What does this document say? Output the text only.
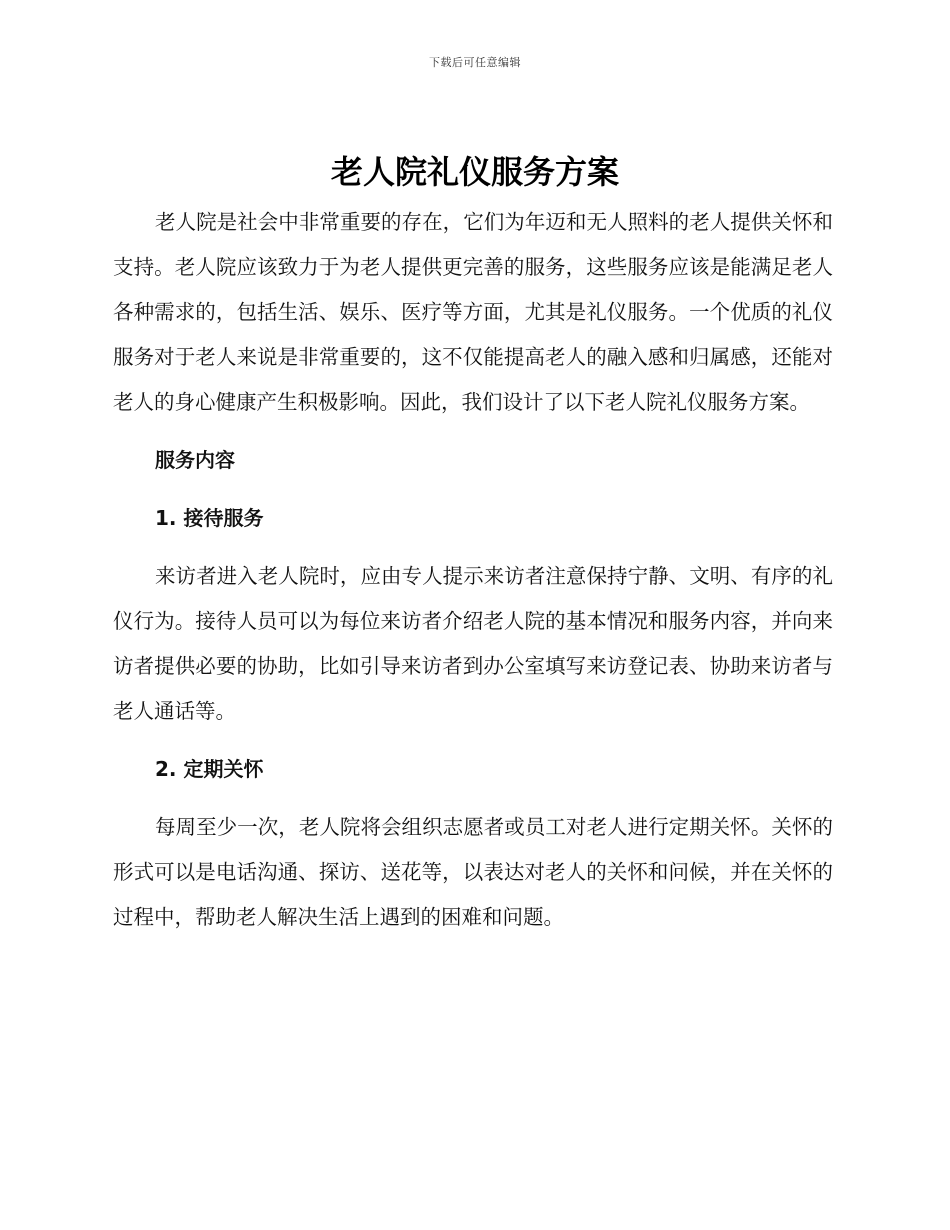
下载后可任意编辑
老人院礼仪服务方案

老人院是社会中非常重要的存在，它们为年迈和无人照料的老人提供关怀和支持。老人院应该致力于为老人提供更完善的服务，这些服务应该是能满足老人各种需求的，包括生活、娱乐、医疗等方面，尤其是礼仪服务。一个优质的礼仪服务对于老人来说是非常重要的，这不仅能提高老人的融入感和归属感，还能对老人的身心健康产生积极影响。因此，我们设计了以下老人院礼仪服务方案。

服务内容

1. 接待服务

来访者进入老人院时，应由专人提示来访者注意保持宁静、文明、有序的礼仪行为。接待人员可以为每位来访者介绍老人院的基本情况和服务内容，并向来访者提供必要的协助，比如引导来访者到办公室填写来访登记表、协助来访者与老人通话等。

2. 定期关怀

每周至少一次，老人院将会组织志愿者或员工对老人进行定期关怀。关怀的形式可以是电话沟通、探访、送花等，以表达对老人的关怀和问候，并在关怀的过程中，帮助老人解决生活上遇到的困难和问题。
